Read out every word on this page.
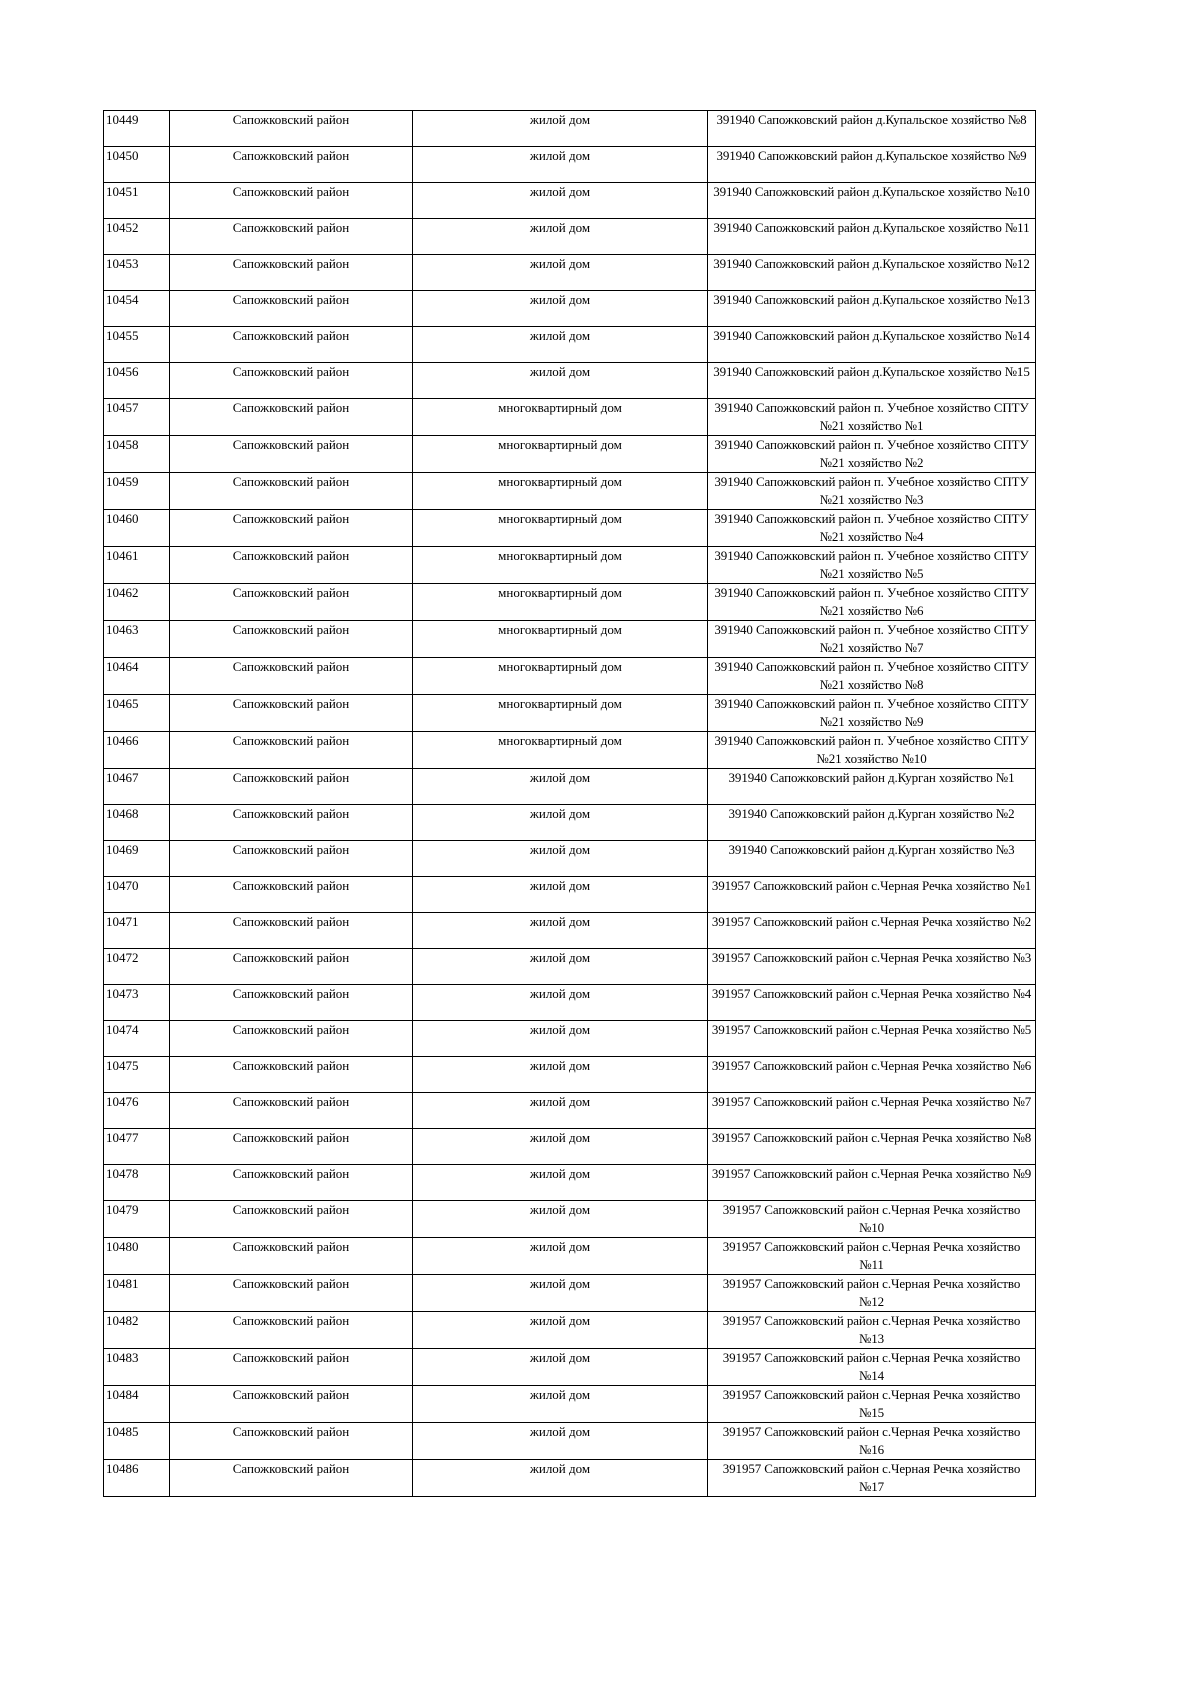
10449	Сапожковский район	жилой дом	391940 Сапожковский район д.Купальское хозяйство №8
10450	Сапожковский район	жилой дом	391940 Сапожковский район д.Купальское хозяйство №9
10451	Сапожковский район	жилой дом	391940 Сапожковский район д.Купальское хозяйство №10
10452	Сапожковский район	жилой дом	391940 Сапожковский район д.Купальское хозяйство №11
10453	Сапожковский район	жилой дом	391940 Сапожковский район д.Купальское хозяйство №12
10454	Сапожковский район	жилой дом	391940 Сапожковский район д.Купальское хозяйство №13
10455	Сапожковский район	жилой дом	391940 Сапожковский район д.Купальское хозяйство №14
10456	Сапожковский район	жилой дом	391940 Сапожковский район д.Купальское хозяйство №15
10457	Сапожковский район	многоквартирный дом	391940 Сапожковский район п. Учебное хозяйство СПТУ №21 хозяйство №1
10458	Сапожковский район	многоквартирный дом	391940 Сапожковский район п. Учебное хозяйство СПТУ №21 хозяйство №2
10459	Сапожковский район	многоквартирный дом	391940 Сапожковский район п. Учебное хозяйство СПТУ №21 хозяйство №3
10460	Сапожковский район	многоквартирный дом	391940 Сапожковский район п. Учебное хозяйство СПТУ №21 хозяйство №4
10461	Сапожковский район	многоквартирный дом	391940 Сапожковский район п. Учебное хозяйство СПТУ №21 хозяйство №5
10462	Сапожковский район	многоквартирный дом	391940 Сапожковский район п. Учебное хозяйство СПТУ №21 хозяйство №6
10463	Сапожковский район	многоквартирный дом	391940 Сапожковский район п. Учебное хозяйство СПТУ №21 хозяйство №7
10464	Сапожковский район	многоквартирный дом	391940 Сапожковский район п. Учебное хозяйство СПТУ №21 хозяйство №8
10465	Сапожковский район	многоквартирный дом	391940 Сапожковский район п. Учебное хозяйство СПТУ №21 хозяйство №9
10466	Сапожковский район	многоквартирный дом	391940 Сапожковский район п. Учебное хозяйство СПТУ №21 хозяйство №10
10467	Сапожковский район	жилой дом	391940 Сапожковский район д.Курган хозяйство №1
10468	Сапожковский район	жилой дом	391940 Сапожковский район д.Курган хозяйство №2
10469	Сапожковский район	жилой дом	391940 Сапожковский район д.Курган хозяйство №3
10470	Сапожковский район	жилой дом	391957 Сапожковский район с.Черная Речка хозяйство №1
10471	Сапожковский район	жилой дом	391957 Сапожковский район с.Черная Речка хозяйство №2
10472	Сапожковский район	жилой дом	391957 Сапожковский район с.Черная Речка хозяйство №3
10473	Сапожковский район	жилой дом	391957 Сапожковский район с.Черная Речка хозяйство №4
10474	Сапожковский район	жилой дом	391957 Сапожковский район с.Черная Речка хозяйство №5
10475	Сапожковский район	жилой дом	391957 Сапожковский район с.Черная Речка хозяйство №6
10476	Сапожковский район	жилой дом	391957 Сапожковский район с.Черная Речка хозяйство №7
10477	Сапожковский район	жилой дом	391957 Сапожковский район с.Черная Речка хозяйство №8
10478	Сапожковский район	жилой дом	391957 Сапожковский район с.Черная Речка хозяйство №9
10479	Сапожковский район	жилой дом	391957 Сапожковский район с.Черная Речка хозяйство №10
10480	Сапожковский район	жилой дом	391957 Сапожковский район с.Черная Речка хозяйство №11
10481	Сапожковский район	жилой дом	391957 Сапожковский район с.Черная Речка хозяйство №12
10482	Сапожковский район	жилой дом	391957 Сапожковский район с.Черная Речка хозяйство №13
10483	Сапожковский район	жилой дом	391957 Сапожковский район с.Черная Речка хозяйство №14
10484	Сапожковский район	жилой дом	391957 Сапожковский район с.Черная Речка хозяйство №15
10485	Сапожковский район	жилой дом	391957 Сапожковский район с.Черная Речка хозяйство №16
10486	Сапожковский район	жилой дом	391957 Сапожковский район с.Черная Речка хозяйство №17
